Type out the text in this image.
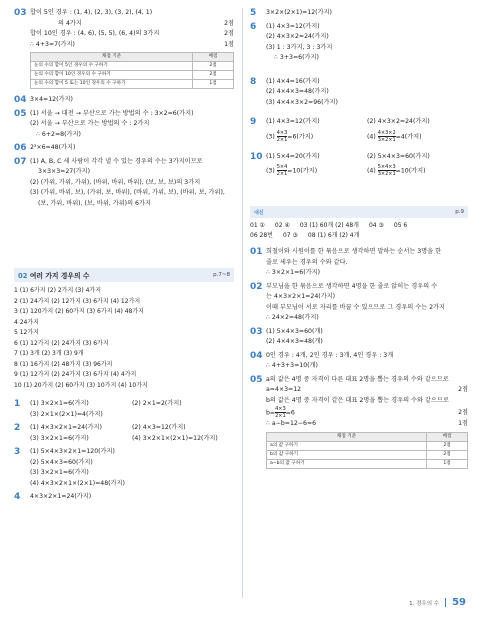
03 합이 5인 경우 : (1, 4), (2, 3), (3, 2), (4, 1)
의 4가지	2점
합이 10인 경우 : (4, 6), (5, 5), (6, 4)의 3가지	2점
∴ 4+3=7(가지)	1점
채점 기준	배점
눈의 수의 합이 5인 경우의 수 구하기	2점
눈의 수의 합이 10인 경우의 수 구하기	2점
눈의 수의 합이 5 또는 10인 경우의 수 구하기	1점
04 3×4=12(가지)
05 (1) 서울 → 대전 → 부산으로 가는 방법의 수 : 3×2=6(가지)
(2) 서울 → 부산으로 가는 방법의 수 : 2가지
∴ 6+2=8(가지)
06 2³×6=48(가지)
07 (1) A, B, C 세 사람이 각각 낼 수 있는 경우의 수는 3가지이므로
3×3×3=27(가지)
(2) (가위, 가위, 가위), (바위, 바위, 바위), (보, 보, 보)의 3가지
(3) (가위, 바위, 보), (가위, 보, 바위), (바위, 가위, 보), (바위, 보, 가위),
(보, 가위, 바위), (보, 바위, 가위)의 6가지
02 여러 가지 경우의 수	p.7~8
1 (1) 6가지 (2) 2가지 (3) 4가지
2 (1) 24가지 (2) 12가지 (3) 6가지 (4) 12가지
3 (1) 120가지 (2) 60가지 (3) 6가지 (4) 48가지
4 24가지
5 12가지
6 (1) 12가지 (2) 24가지 (3) 6가지
7 (1) 3개 (2) 3개 (3) 9개
8 (1) 16가지 (2) 48가지 (3) 96가지
9 (1) 12가지 (2) 24가지 (3) 6가지 (4) 4가지
10 (1) 20가지 (2) 60가지 (3) 10가지 (4) 10가지
1	(1) 3×2×1=6(가지)	(2) 2×1=2(가지)
(3) 2×1×(2×1)=4(가지)
2	(1) 4×3×2×1=24(가지)	(2) 4×3=12(가지)
(3) 3×2×1=6(가지)	(4) 3×2×1×(2×1)=12(가지)
3	(1) 5×4×3×2×1=120(가지)
(2) 5×4×3=60(가지)
(3) 3×2×1=6(가지)
(4) 4×3×2×1×(2×1)=48(가지)
4	4×3×2×1=24(가지)
5	3×2×(2×1)=12(가지)
6	(1) 4×3=12(가지)
(2) 4×3×2=24(가지)
(3) 1 : 3가지, 3 : 3가지
∴ 3+3=6(가지)
8	(1) 4×4=16(가지)
(2) 4×4×3=48(가지)
(3) 4×4×3×2=96(가지)
9	(1) 4×3=12(가지)	(2) 4×3×2=24(가지)
$(3) \frac{4\times 3}{2\times 1} =6$(가지)	$(4) \frac{4\times 3\times 2}{3\times 2\times 1} =4$(가지)
10 (1) 5×4=20(가지)	(2) 5×4×3=60(가지)
$(3) \frac{5\times 4}{2\times 1} =10$(가지)	$(4) \frac{5\times 4\times 3}{3\times 2\times 1} =10$(가지)
내신	p.9
01 ① 02 ④ 03 (1) 60개 (2) 48개 04 ③ 05 6
06 28번 07 ③ 08 (1) 6개 (2) 4개
01 희철이와 시원이를 한 묶음으로 생각하면 말하는 순서는 3명을 한
줄로 세우는 경우의 수와 같다.
∴ 3×2×1=6(가지)
02 부모님을 한 묶음으로 생각하면 4명을 한 줄로 앉히는 경우의 수
는 4×3×2×1=24(가지)
이때 부모님이 서로 자리를 바꿀 수 있으므로 그 경우의 수는 2가지
∴ 24×2=48(가지)
03 (1) 5×4×3=60(개)
(2) 4×4×3=48(개)
04 0인 경우 : 4개, 2인 경우 : 3개, 4인 경우 : 3개
∴ 4+3+3=10(개)
05 a의 값은 4명 중 자격이 다른 대표 2명을 뽑는 경우의 수와 같으므로
a=4×3=12	2점
b의 값은 4명 중 자격이 같은 대표 2명을 뽑는 경우의 수와 같으므로
$b= \frac{4\times 3}{2\times 1} =6$	2점
∴ a−b=12−6=6	1점
채점 기준	배점
a의 값 구하기	2점
b의 값 구하기	2점
a−b의 값 구하기	1점
1. 경우의 수 59
